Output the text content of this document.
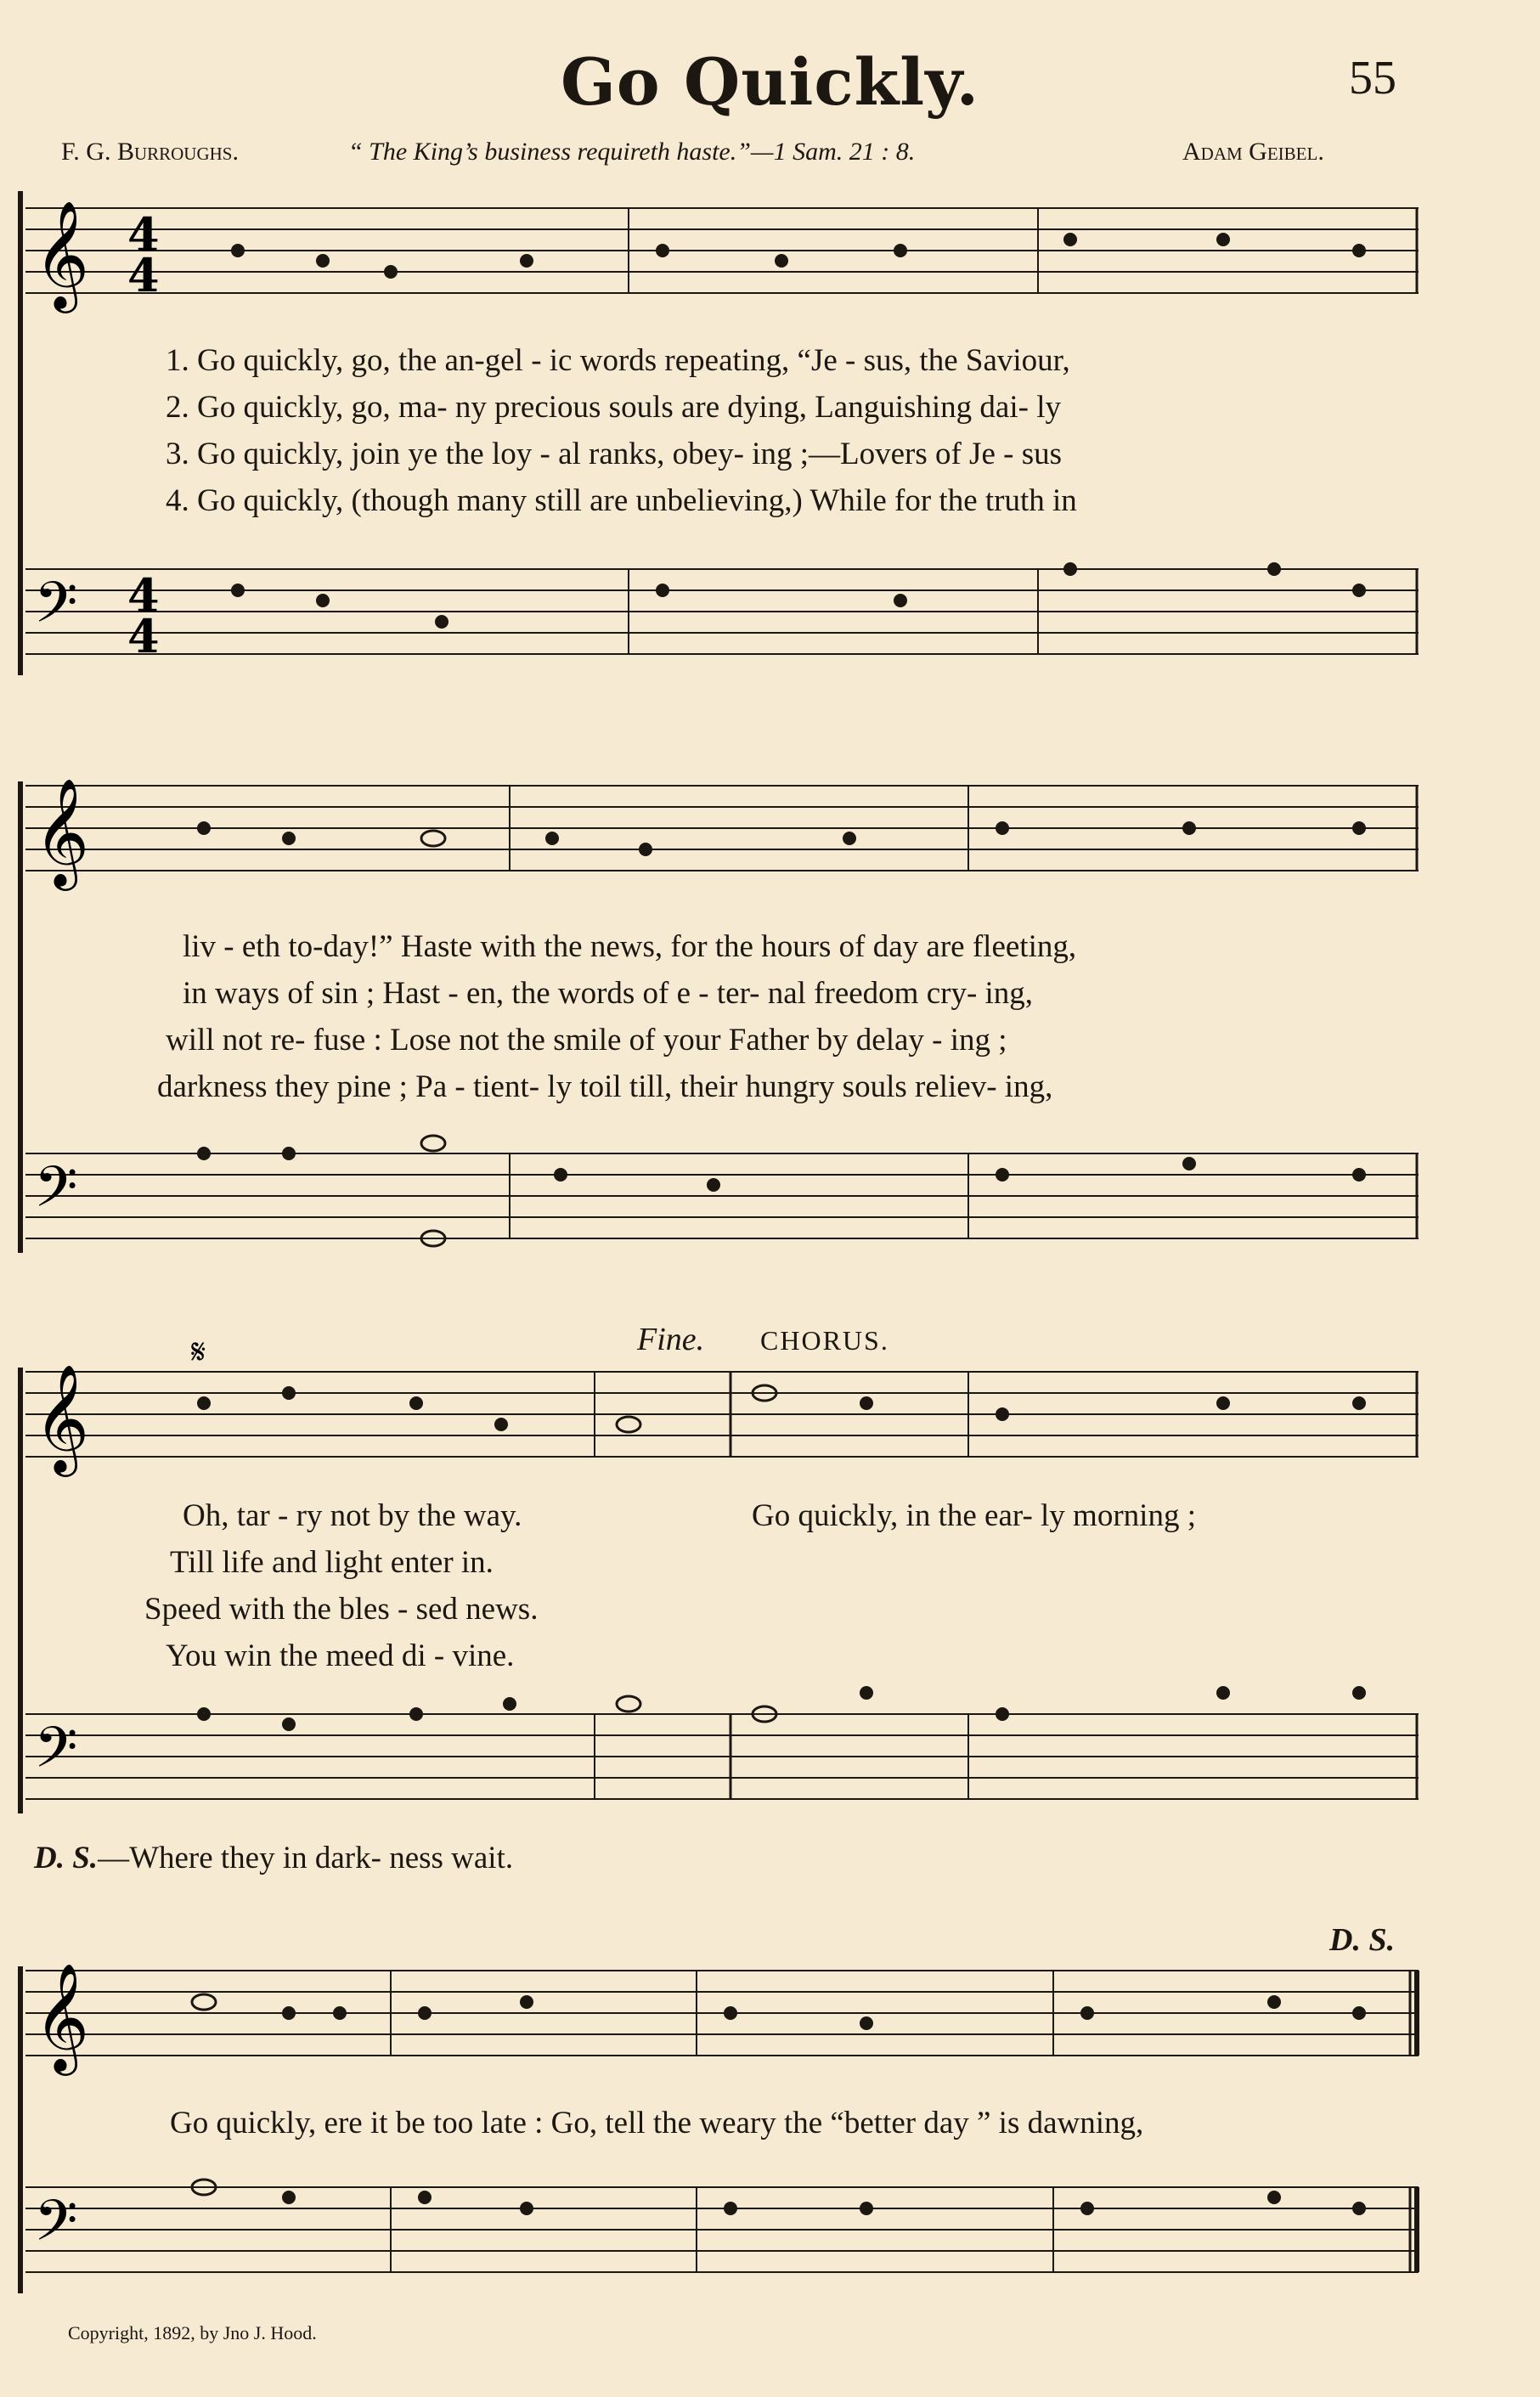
Go Quickly.	55
F. G. Burroughs.	“ The King’s business requireth haste.”—1 Sam. 21 : 8.	Adam Geibel.
𝄞 4
4
1. Go quickly, go, the an-gel - ic words repeating, “Je - sus, the Saviour,
2. Go quickly, go, ma- ny precious souls are dying, Languishing dai- ly
3. Go quickly, join ye the loy - al ranks, obey- ing ;—Lovers of Je - sus
4. Go quickly, (though many still are unbelieving,) While for the truth in
𝄢 4
4
𝄞
liv - eth to-day!” Haste with the news, for the hours of day are fleeting,
in ways of sin ; Hast - en, the words of e - ter- nal freedom cry- ing,
will not re- fuse : Lose not the smile of your Father by delay - ing ;
darkness they pine ; Pa - tient- ly toil till, their hungry souls reliev- ing,
𝄢
Fine. CHORUS.
𝄞
𝄋
Oh, tar - ry not by the way.	Go quickly, in the ear- ly morning ;
Till life and light enter in.
Speed with the bles - sed news.
You win the meed di - vine.
𝄢
D. S.—Where they in dark- ness wait.
D. S.
𝄞
Go quickly, ere it be too late : Go, tell the weary the “better day ” is dawning,
𝄢
Copyright, 1892, by Jno J. Hood.
